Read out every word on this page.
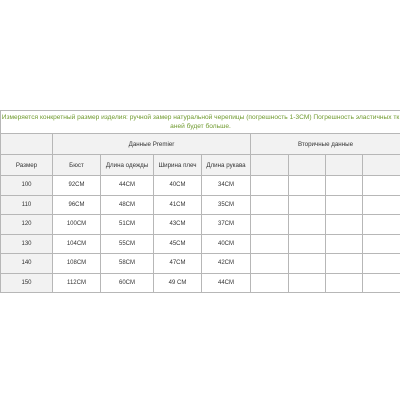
Измеряется конкретный размер изделия: ручной замер натуральной черепицы (погрешность 1-3CM) Погрешность эластичных тк аней будет больше.								
	Данные Premier				Вторичные данные			
Размер	Бюст	Длина одежды	Ширина плеч	Длина рукава				
100	92CM	44CM	40CM	34CM				
110	96CM	48CM	41CM	35CM				
120	100CM	51CM	43CM	37CM				
130	104CM	55CM	45CM	40CM				
140	108CM	58CM	47CM	42CM				
150	112CM	60CM	49 CM	44CM				
